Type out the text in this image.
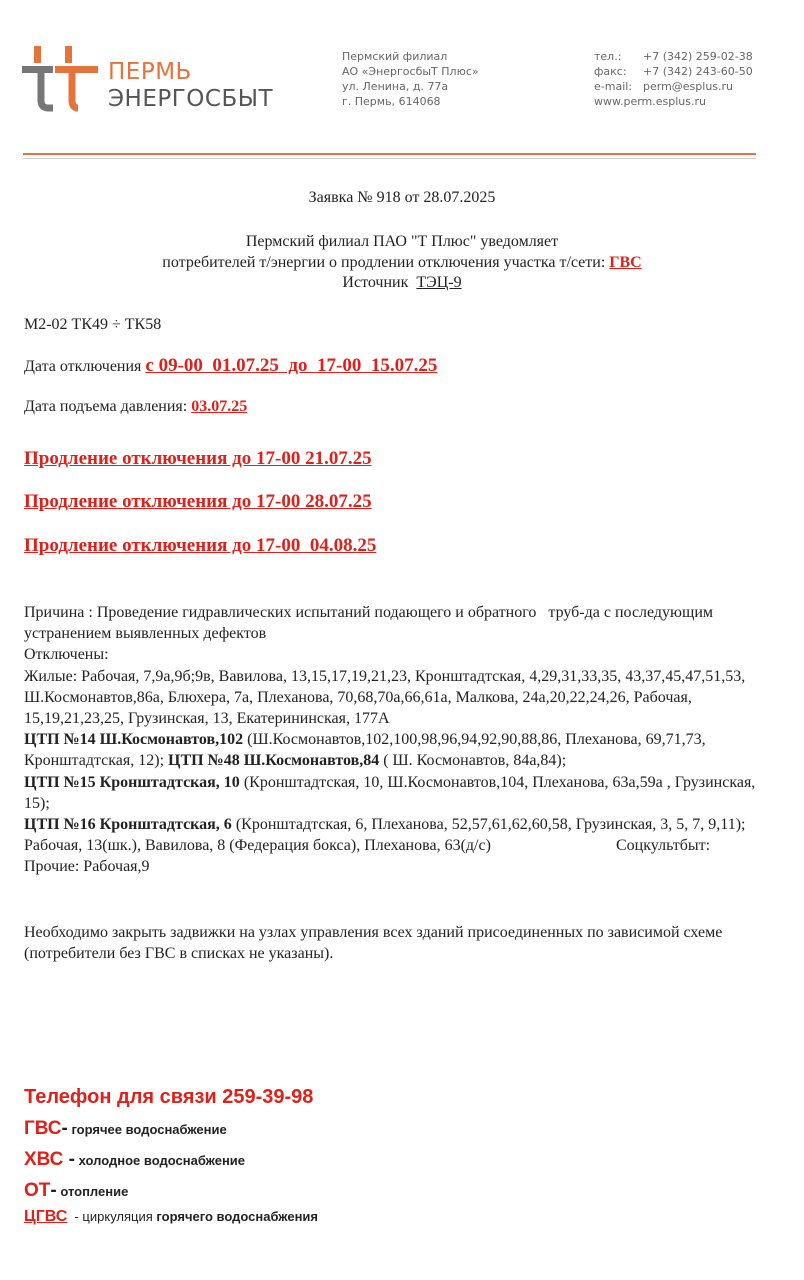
ПЕРМЬ
ЭНЕРГОСБЫТ
Пермский филиал
АО «ЭнергосбыТ Плюс»
ул. Ленина, д. 77а
г. Пермь, 614068
тел.:
факс:
e-mail:
www.perm.esplus.ru
+7 (342) 259-02-38
+7 (342) 243-60-50
perm@esplus.ru
Заявка № 918 от 28.07.2025
Пермский филиал ПАО "Т Плюс" уведомляет
потребителей т/энергии о продлении отключения участка т/сети: ГВС
Источник ТЭЦ-9
М2-02 ТК49 ÷ ТК58
Дата отключения с 09-00  01.07.25  до  17-00  15.07.25
Дата подъема давления: 03.07.25
Продление отключения до 17-00 21.07.25
Продление отключения до 17-00 28.07.25
Продление отключения до 17-00  04.08.25

Причина : Проведение гидравлических испытаний подающего и обратного   труб-да с последующим устранением выявленных дефектов

Отключены:

Жилые: Рабочая, 7,9а,9б;9в, Вавилова, 13,15,17,19,21,23, Кронштадтская, 4,29,31,33,35, 43,37,45,47,51,53, Ш.Космонавтов,86а, Блюхера, 7а, Плеханова, 70,68,70а,66,61а, Малкова, 24а,20,22,24,26, Рабочая, 15,19,21,23,25, Грузинская, 13, Екатерининская, 177А

ЦТП №14 Ш.Космонавтов,102 (Ш.Космонавтов,102,100,98,96,94,92,90,88,86, Плеханова, 69,71,73, Кронштадтская, 12); ЦТП №48 Ш.Космонавтов,84 ( Ш. Космонавтов, 84а,84);

ЦТП №15 Кронштадтская, 10 (Кронштадтская, 10, Ш.Космонавтов,104, Плеханова, 63а,59а , Грузинская, 15);

ЦТП №16 Кронштадтская, 6 (Кронштадтская, 6, Плеханова, 52,57,61,62,60,58, Грузинская, 3, 5, 7, 9,11);
Соцкультбыт:

Рабочая, 13(шк.), Вавилова, 8 (Федерация бокса), Плеханова, 63(д/с)

Прочие: Рабочая,9

Необходимо закрыть задвижки на узлах управления всех зданий присоединенных по зависимой схеме (потребители без ГВС в списках не указаны).
Телефон для связи 259-39-98
ГВС- горячее водоснабжение
ХВС - холодное водоснабжение
ОТ- отопление
ЦГВС  - циркуляция горячего водоснабжения
